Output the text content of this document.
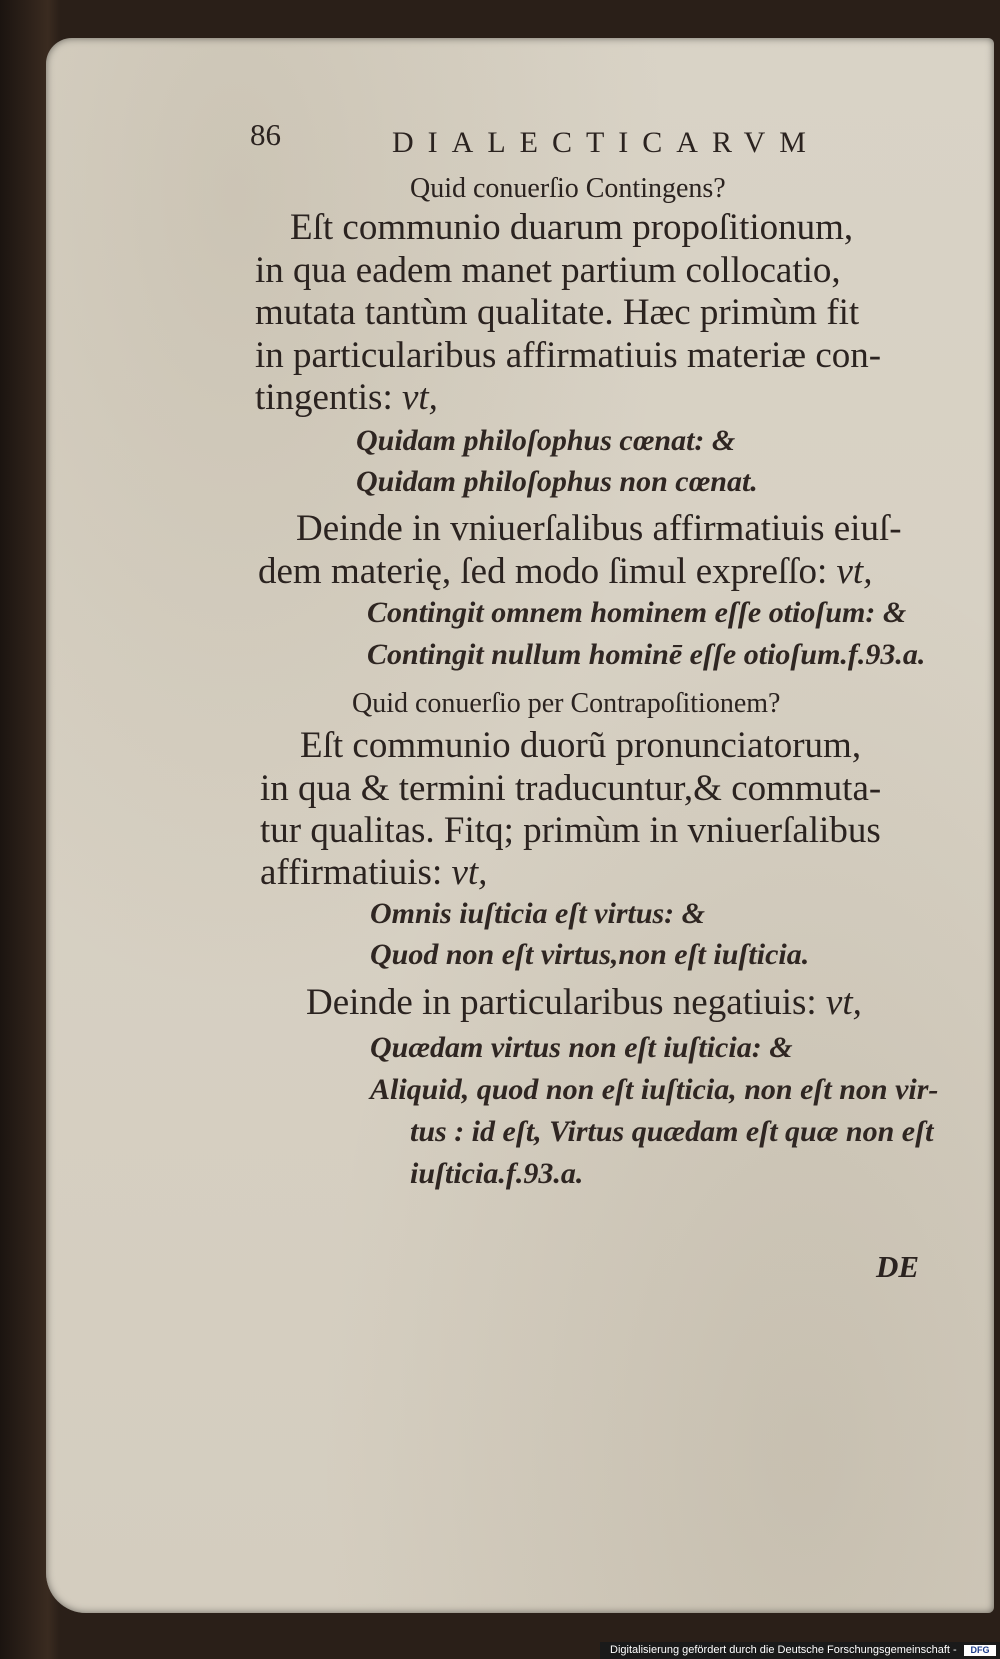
86	DIALECTICARVM
Quid conuerſio Contingens?
Eſt communio duarum propoſitionum,
in qua eadem manet partium collocatio,
mutata tantùm qualitate. Hæc primùm fit
in particularibus affirmatiuis materiæ con-
tingentis: vt,
Quidam philoſophus cœnat: &
Quidam philoſophus non cœnat.
Deinde in vniuerſalibus affirmatiuis eiuſ-
dem materię, ſed modo ſimul expreſſo: vt,
Contingit omnem hominem eſſe otioſum: &
Contingit nullum hominē eſſe otioſum.f.93.a.
Quid conuerſio per Contrapoſitionem?
Eſt communio duorũ pronunciatorum,
in qua & termini traducuntur,& commuta-
tur qualitas. Fitq; primùm in vniuerſalibus
affirmatiuis: vt,
Omnis iuſticia eſt virtus: &
Quod non eſt virtus,non eſt iuſticia.
Deinde in particularibus negatiuis: vt,
Quædam virtus non eſt iuſticia: &
Aliquid, quod non eſt iuſticia, non eſt non vir-
tus : id eſt, Virtus quædam eſt quæ non eſt
iuſticia.f.93.a.
DE
Digitalisierung gefördert durch die Deutsche Forschungsgemeinschaft -	DFG
